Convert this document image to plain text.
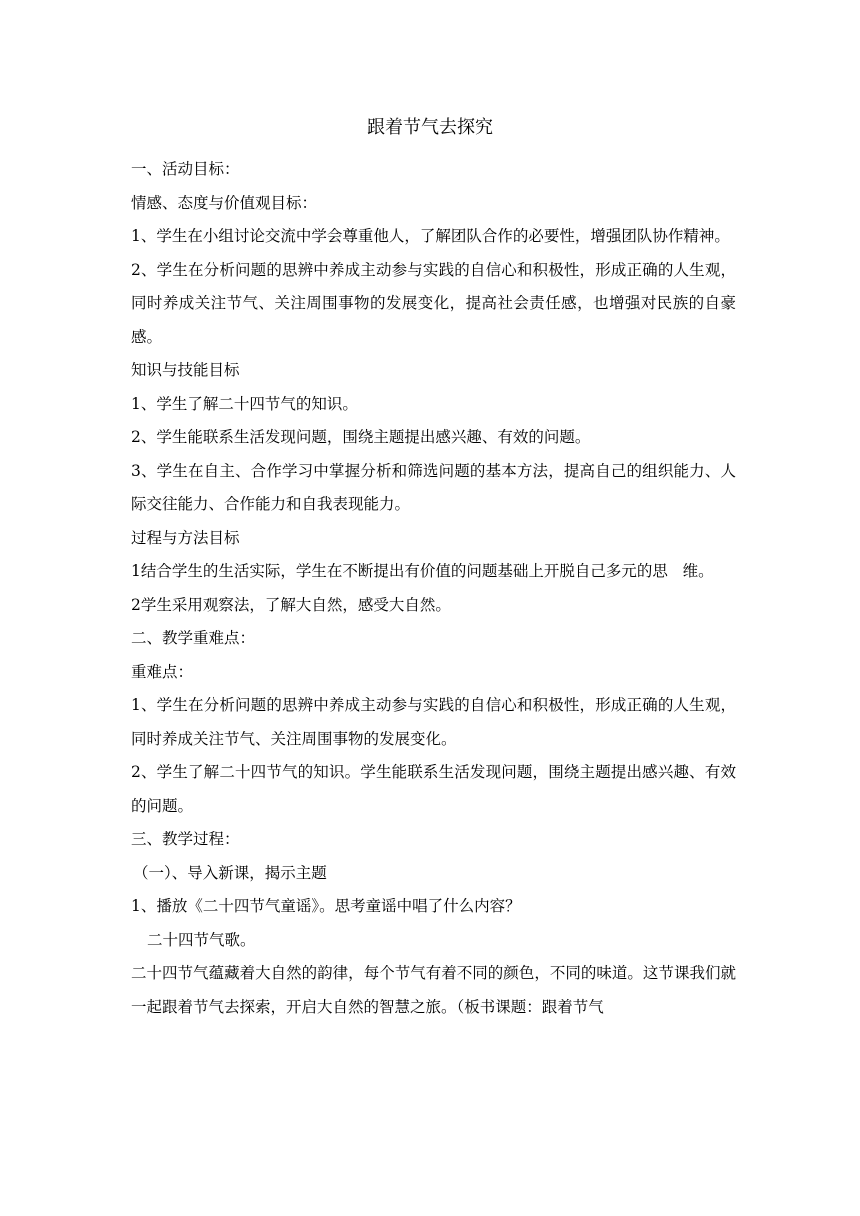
跟着节气去探究

一、活动目标：

情感、态度与价值观目标：

1、学生在小组讨论交流中学会尊重他人，了解团队合作的必要性，增强团队协作精神。

2、学生在分析问题的思辨中养成主动参与实践的自信心和积极性，形成正确的人生观，同时养成关注节气、关注周围事物的发展变化，提高社会责任感，也增强对民族的自豪感。

知识与技能目标

1、学生了解二十四节气的知识。

2、学生能联系生活发现问题，围绕主题提出感兴趣、有效的问题。

3、学生在自主、合作学习中掌握分析和筛选问题的基本方法，提高自己的组织能力、人际交往能力、合作能力和自我表现能力。

过程与方法目标

1结合学生的生活实际，学生在不断提出有价值的问题基础上开脱自己多元的思   维。

2学生采用观察法，了解大自然，感受大自然。

二、教学重难点：

重难点：

1、学生在分析问题的思辨中养成主动参与实践的自信心和积极性，形成正确的人生观，同时养成关注节气、关注周围事物的发展变化。

2、学生了解二十四节气的知识。学生能联系生活发现问题，围绕主题提出感兴趣、有效的问题。

三、教学过程：

（一）、导入新课，揭示主题

1、播放《二十四节气童谣》。思考童谣中唱了什么内容？

二十四节气歌。

二十四节气蕴藏着大自然的韵律，每个节气有着不同的颜色，不同的味道。这节课我们就一起跟着节气去探索，开启大自然的智慧之旅。（板书课题：跟着节气
